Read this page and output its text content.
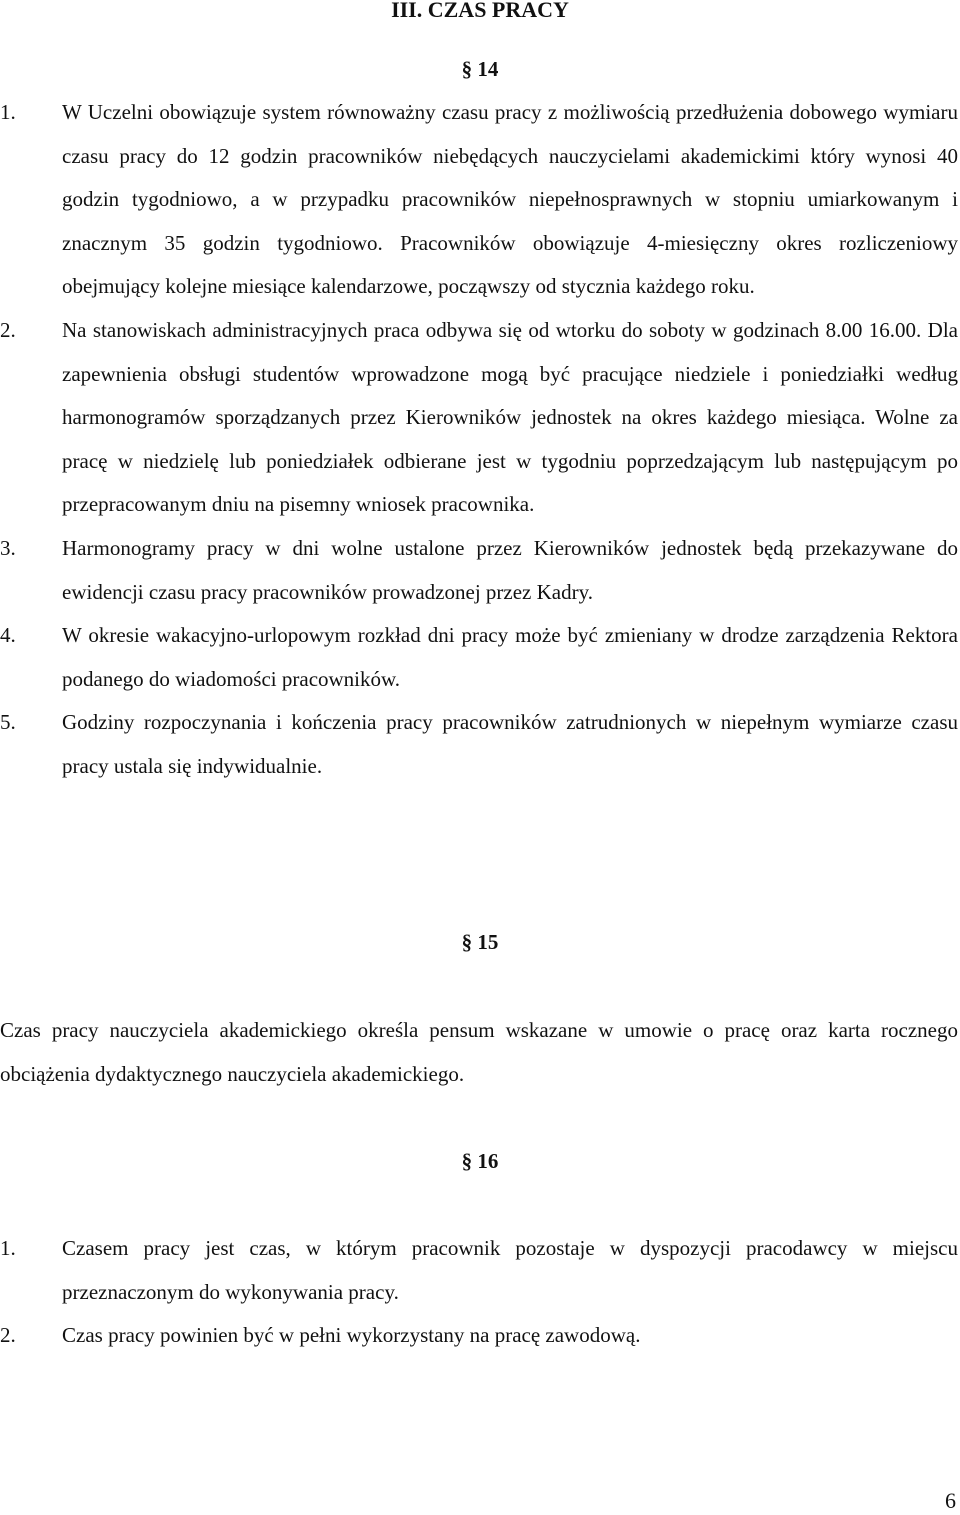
III. CZAS PRACY
§ 14
1.	W Uczelni obowiązuje system równoważny czasu pracy z możliwością przedłużenia dobowego wymiaru czasu pracy do 12 godzin pracowników niebędących nauczycielami akademickimi który wynosi 40 godzin tygodniowo, a w przypadku pracowników niepełnosprawnych w stopniu umiarkowanym i znacznym 35 godzin tygodniowo. Pracowników obowiązuje 4-miesięczny okres rozliczeniowy obejmujący kolejne miesiące kalendarzowe, począwszy od stycznia każdego roku.
2.	Na stanowiskach administracyjnych praca odbywa się od wtorku do soboty w godzinach 8.00 16.00. Dla zapewnienia obsługi studentów wprowadzone mogą być pracujące niedziele i poniedziałki według harmonogramów sporządzanych przez Kierowników jednostek na okres każdego miesiąca. Wolne za pracę w niedzielę lub poniedziałek odbierane jest w tygodniu poprzedzającym lub następującym po przepracowanym dniu na pisemny wniosek pracownika.
3.	Harmonogramy pracy w dni wolne ustalone przez Kierowników jednostek będą przekazywane do ewidencji czasu pracy pracowników prowadzonej przez Kadry.
4.	W okresie wakacyjno-urlopowym rozkład dni pracy może być zmieniany w drodze zarządzenia Rektora podanego do wiadomości pracowników.
5.	Godziny rozpoczynania i kończenia pracy pracowników zatrudnionych w niepełnym wymiarze czasu pracy ustala się indywidualnie.
§ 15
Czas pracy nauczyciela akademickiego określa pensum wskazane w umowie o pracę oraz karta rocznego obciążenia dydaktycznego nauczyciela akademickiego.
§ 16
1.	Czasem pracy jest czas, w którym pracownik pozostaje w dyspozycji pracodawcy w miejscu przeznaczonym do wykonywania pracy.
2.	Czas pracy powinien być w pełni wykorzystany na pracę zawodową.
6
